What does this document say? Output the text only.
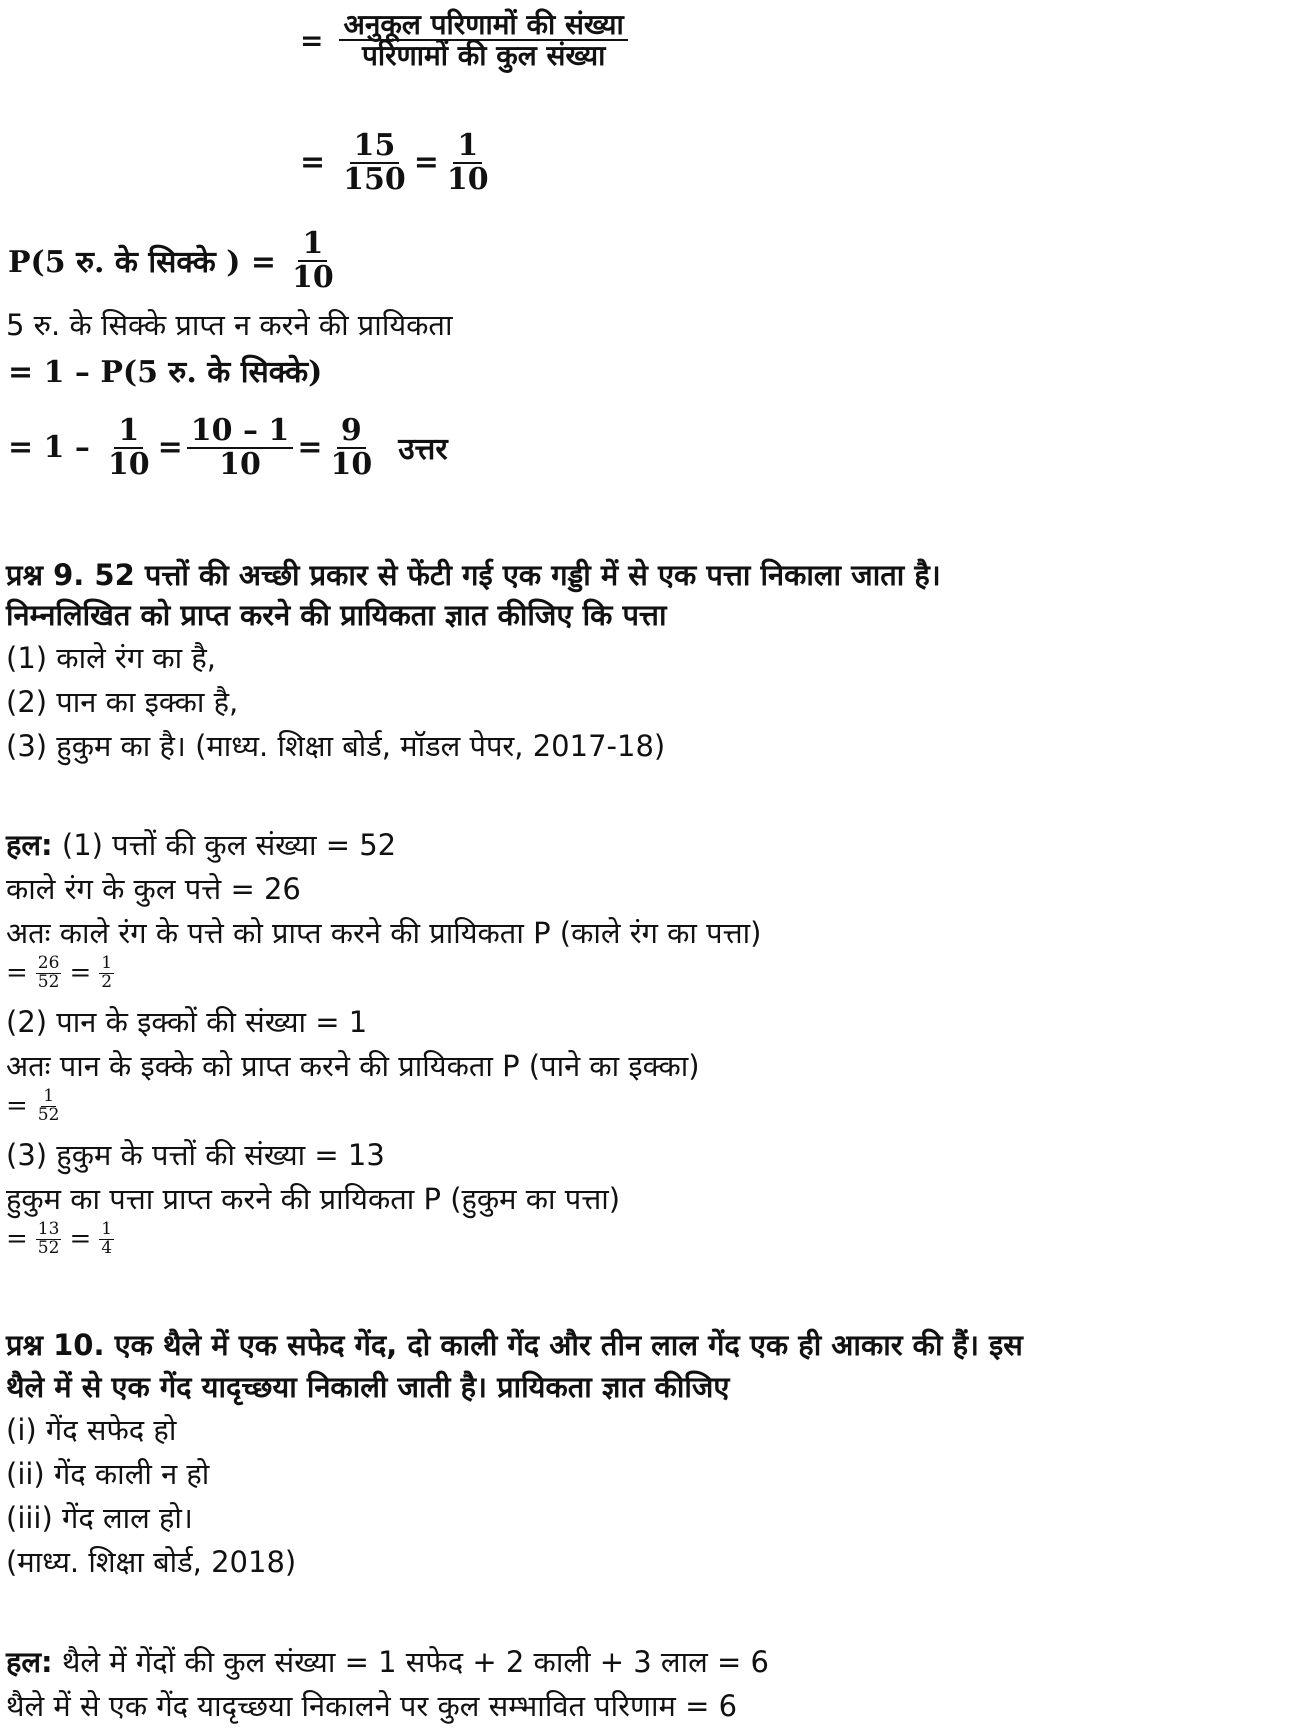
= $\frac{\text{अनुकूल परिणामों की संख्या}}{\text{परिणामों की कुल संख्या}}$
= $\frac{15}{150} = \frac{1}{10}$
P(5 रु. के सिक्के ) = $\frac{1}{10}$
5 रु. के सिक्के प्राप्त न करने की प्रायिकता
= 1 – P(5 रु. के सिक्के)
= $1 - \frac{1}{10} = \frac{10 - 1}{10} = \frac{9}{10}$ उत्तर
प्रश्न 9. 52 पत्तों की अच्छी प्रकार से फेंटी गई एक गड्डी में से एक पत्ता निकाला जाता है।
निम्नलिखित को प्राप्त करने की प्रायिकता ज्ञात कीजिए कि पत्ता
(1) काले रंग का है,
(2) पान का इक्का है,
(3) हुकुम का है। (माध्य. शिक्षा बोर्ड, मॉडल पेपर, 2017-18)
हल: (1) पत्तों की कुल संख्या = 52
काले रंग के कुल पत्ते = 26
अतः काले रंग के पत्ते को प्राप्त करने की प्रायिकता P (काले रंग का पत्ता)
= $\frac{26}{52} = \frac{1}{2}$
(2) पान के इक्कों की संख्या = 1
अतः पान के इक्के को प्राप्त करने की प्रायिकता P (पाने का इक्का)
= $\frac{1}{52}$
(3) हुकुम के पत्तों की संख्या = 13
हुकुम का पत्ता प्राप्त करने की प्रायिकता P (हुकुम का पत्ता)
= $\frac{13}{52} = \frac{1}{4}$
प्रश्न 10. एक थैले में एक सफेद गेंद, दो काली गेंद और तीन लाल गेंद एक ही आकार की हैं। इस
थैले में से एक गेंद यादृच्छया निकाली जाती है। प्रायिकता ज्ञात कीजिए
(i) गेंद सफेद हो
(ii) गेंद काली न हो
(iii) गेंद लाल हो।
(माध्य. शिक्षा बोर्ड, 2018)
हल: थैले में गेंदों की कुल संख्या = 1 सफेद + 2 काली + 3 लाल = 6
थैले में से एक गेंद यादृच्छया निकालने पर कुल सम्भावित परिणाम = 6
